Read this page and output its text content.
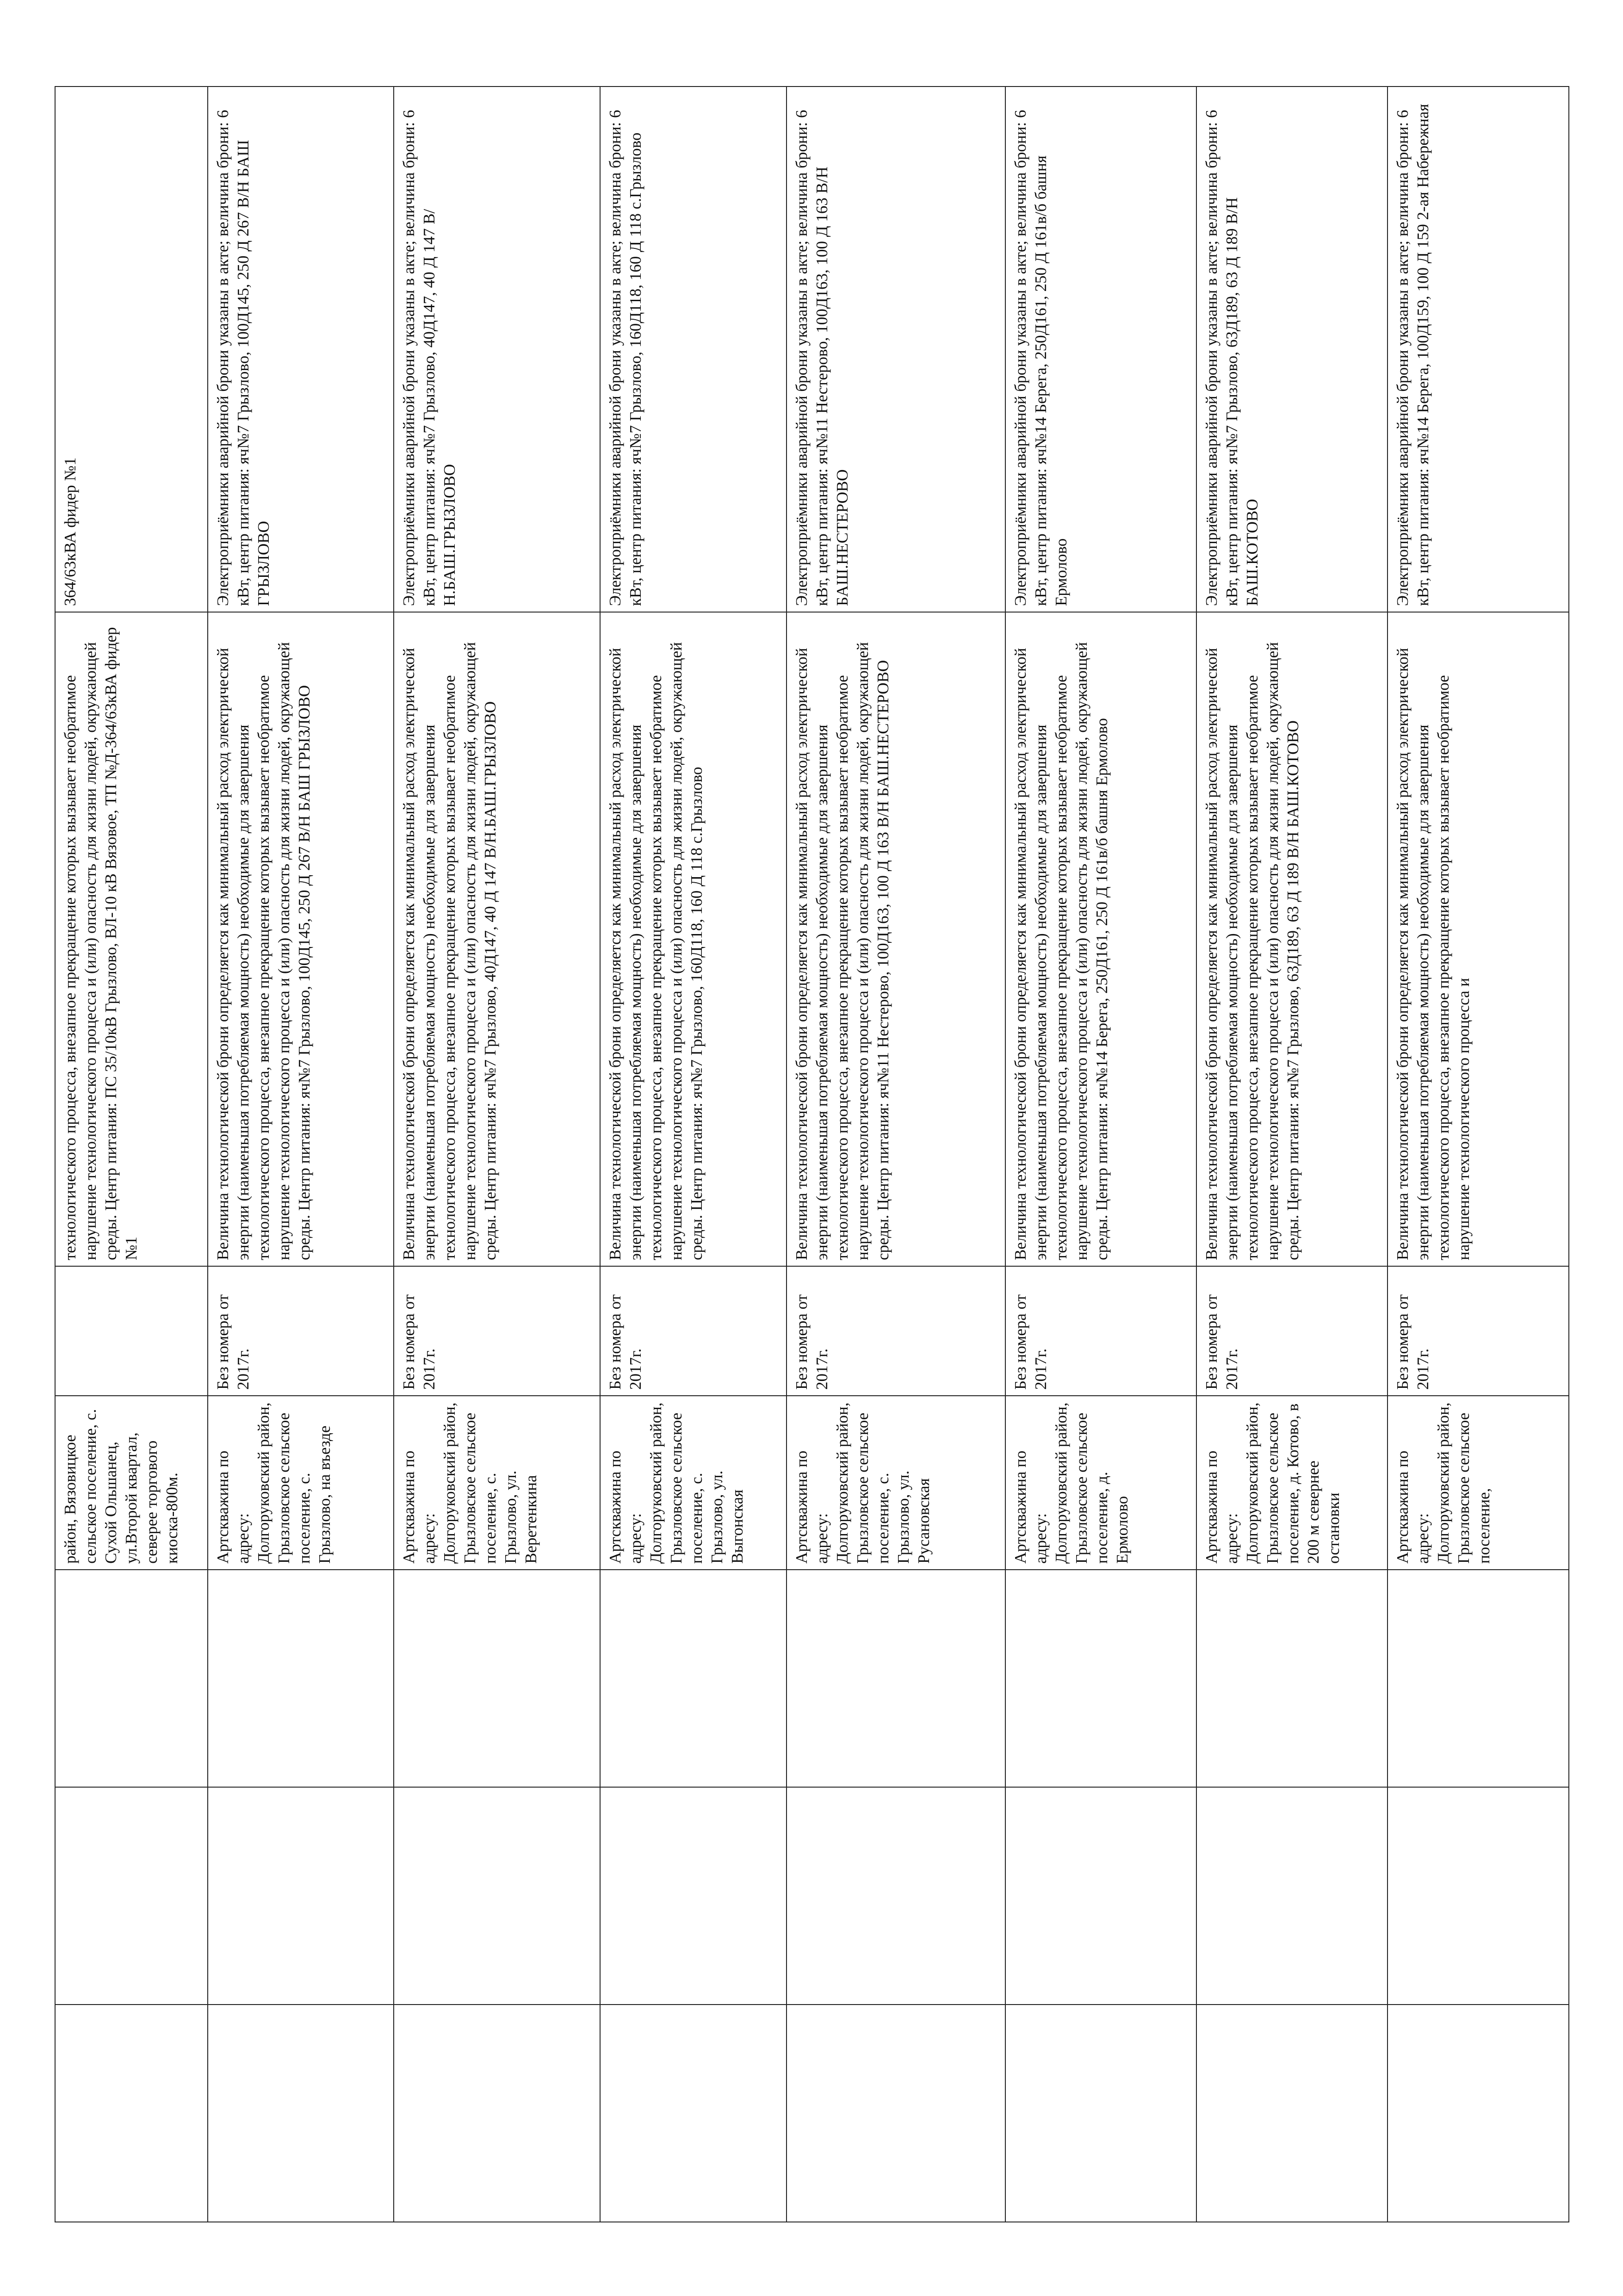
			район, Вязовицкое сельское поселение, с. Сухой Ольшанец, ул.Второй квартал, северее торгового киоска-800м.		технологического процесса, внезапное прекращение которых вызывает необратимое нарушение технологического процесса и (или) опасность для жизни людей, окружающей среды. Центр питания: ПС 35/10кВ Грызлово, ВЛ-10 кВ Вязовое, ТП №Д-364/63кВА фидер №1	364/63кВА фидер №1

			Артскважина по адресу: Долгоруковский район, Грызловское сельское поселение, с. Грызлово, на въезде	Без номера от 2017г.	Величина технологической брони определяется как минимальный расход электрической энергии (наименьшая потребляемая мощность) необходимые для завершения технологического процесса, внезапное прекращение которых вызывает необратимое нарушение технологического процесса и (или) опасность для жизни людей, окружающей среды. Центр питания: яч№7 Грызлово, 100Д145, 250 Д 267 В/Н БАШ ГРЫЗЛОВО	Электроприёмники аварийной брони указаны в акте; величина брони: 6 кВт, центр питания: яч№7 Грызлово, 100Д145, 250 Д 267 В/Н БАШ ГРЫЗЛОВО

			Артскважина по адресу: Долгоруковский район, Грызловское сельское поселение, с. Грызлово, ул. Веретенкина	Без номера от 2017г.	Величина технологической брони определяется как минимальный расход электрической энергии (наименьшая потребляемая мощность) необходимые для завершения технологического процесса, внезапное прекращение которых вызывает необратимое нарушение технологического процесса и (или) опасность для жизни людей, окружающей среды. Центр питания: яч№7 Грызлово, 40Д147, 40 Д 147 В/Н.БАШ.ГРЫЗЛОВО	Электроприёмники аварийной брони указаны в акте; величина брони: 6 кВт, центр питания: яч№7 Грызлово, 40Д147, 40 Д 147 В/Н.БАШ.ГРЫЗЛОВО

			Артскважина по адресу: Долгоруковский район, Грызловское сельское поселение, с. Грызлово, ул. Выгонская	Без номера от 2017г.	Величина технологической брони определяется как минимальный расход электрической энергии (наименьшая потребляемая мощность) необходимые для завершения технологического процесса, внезапное прекращение которых вызывает необратимое нарушение технологического процесса и (или) опасность для жизни людей, окружающей среды. Центр питания: яч№7 Грызлово, 160Д118, 160 Д 118 с.Грызлово	Электроприёмники аварийной брони указаны в акте; величина брони: 6 кВт, центр питания: яч№7 Грызлово, 160Д118, 160 Д 118 с.Грызлово

			Артскважина по адресу: Долгоруковский район, Грызловское сельское поселение, с. Грызлово, ул. Русановская	Без номера от 2017г.	Величина технологической брони определяется как минимальный расход электрической энергии (наименьшая потребляемая мощность) необходимые для завершения технологического процесса, внезапное прекращение которых вызывает необратимое нарушение технологического процесса и (или) опасность для жизни людей, окружающей среды. Центр питания: яч№11 Нестерово, 100Д163, 100 Д 163 В/Н БАШ.НЕСТЕРОВО	Электроприёмники аварийной брони указаны в акте; величина брони: 6 кВт, центр питания: яч№11 Нестерово, 100Д163, 100 Д 163 В/Н БАШ.НЕСТЕРОВО

			Артскважина по адресу: Долгоруковский район, Грызловское сельское поселение, д. Ермолово	Без номера от 2017г.	Величина технологической брони определяется как минимальный расход электрической энергии (наименьшая потребляемая мощность) необходимые для завершения технологического процесса, внезапное прекращение которых вызывает необратимое нарушение технологического процесса и (или) опасность для жизни людей, окружающей среды. Центр питания: яч№14 Берега, 250Д161, 250 Д 161в/б башня Ермолово	Электроприёмники аварийной брони указаны в акте; величина брони: 6 кВт, центр питания: яч№14 Берега, 250Д161, 250 Д 161в/б башня Ермолово

			Артскважина по адресу: Долгоруковский район, Грызловское сельское поселение, д. Котово, в 200 м севернее остановки	Без номера от 2017г.	Величина технологической брони определяется как минимальный расход электрической энергии (наименьшая потребляемая мощность) необходимые для завершения технологического процесса, внезапное прекращение которых вызывает необратимое нарушение технологического процесса и (или) опасность для жизни людей, окружающей среды. Центр питания: яч№7 Грызлово, 63Д189, 63 Д 189 В/Н БАШ.КОТОВО	Электроприёмники аварийной брони указаны в акте; величина брони: 6 кВт, центр питания: яч№7 Грызлово, 63Д189, 63 Д 189 В/Н БАШ.КОТОВО

			Артскважина по адресу: Долгоруковский район, Грызловское сельское поселение,	Без номера от 2017г.	Величина технологической брони определяется как минимальный расход электрической энергии (наименьшая потребляемая мощность) необходимые для завершения технологического процесса, внезапное прекращение которых вызывает необратимое нарушение технологического процесса и	Электроприёмники аварийной брони указаны в акте; величина брони: 6 кВт, центр питания: яч№14 Берега, 100Д159, 100 Д 159 2-ая Набережная
